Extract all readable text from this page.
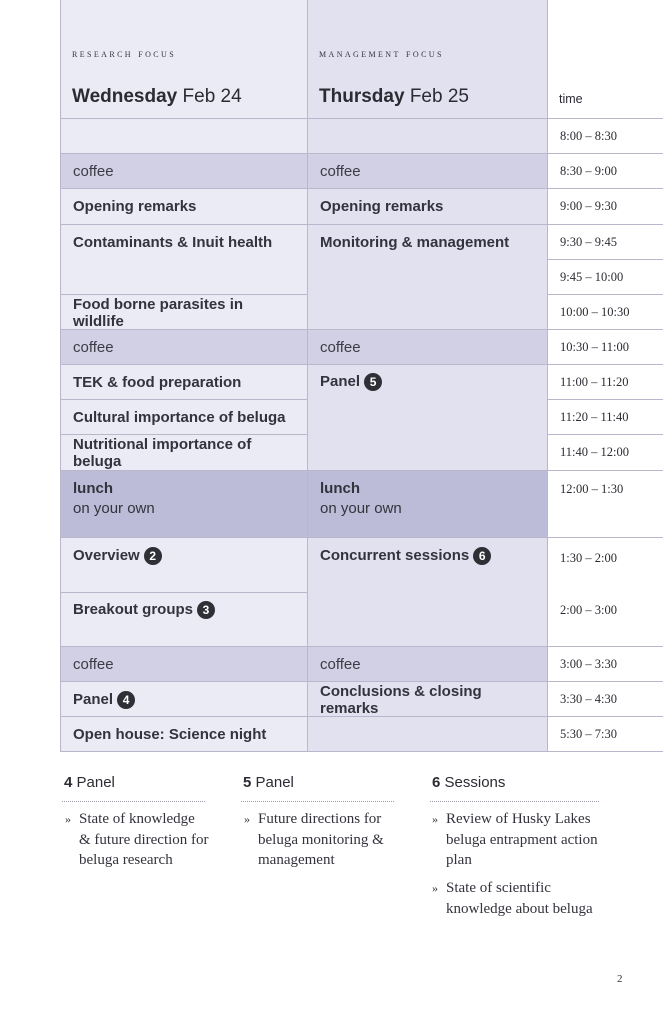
research focus
Wednesday Feb 24
management focus
Thursday Feb 25	time
coffee
Opening remarks
Contaminants & Inuit health
Food borne parasites in wildlife
coffee
TEK & food preparation
Cultural importance of beluga
Nutritional importance of beluga
lunch
on your own
Overview 2
Breakout groups 3
coffee
Panel 4
Open house: Science night
coffee
Opening remarks
Monitoring & management
coffee
Panel 5
lunch
on your own
Concurrent sessions 6
coffee
Conclusions & closing remarks
8:00 – 8:30
8:30 – 9:00
9:00 – 9:30
9:30 – 9:45
9:45 – 10:00
10:00 – 10:30
10:30 – 11:00
11:00 – 11:20
11:20 – 11:40
11:40 – 12:00
12:00 – 1:30
1:30 – 2:00
2:00 – 3:00
3:00 – 3:30
3:30 – 4:30
5:30 – 7:30
4 Panel
» State of knowledge & future direction for beluga research
5 Panel
» Future directions for beluga monitoring & management
6 Sessions
» Review of Husky Lakes beluga entrapment action plan
» State of scientific knowledge about beluga
2
